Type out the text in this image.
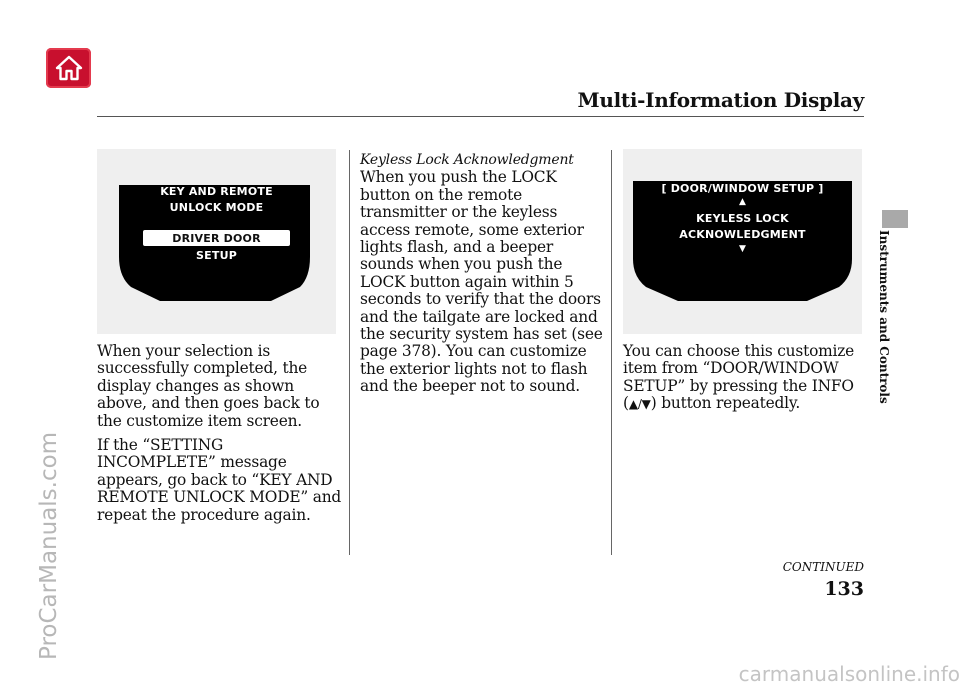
Multi-Information Display
Instruments and Controls
ProCarManuals.com
carmanualsonline.info
KEY AND REMOTE
UNLOCK MODE
DRIVER DOOR
SETUP

When your selection is successfully completed, the display changes as shown above, and then goes back to the customize item screen.

If the “SETTING INCOMPLETE” message appears, go back to “KEY AND REMOTE UNLOCK MODE” and repeat the procedure again.

Keyless Lock Acknowledgment
When you push the LOCK button on the remote transmitter or the keyless access remote, some exterior lights flash, and a beeper sounds when you push the LOCK button again within 5 seconds to verify that the doors and the tailgate are locked and the security system has set (see page 378). You can customize the exterior lights not to flash and the beeper not to sound.
[ DOOR/WINDOW SETUP ]
▲
KEYLESS LOCK
ACKNOWLEDGMENT
▼
You can choose this customize item from “DOOR/WINDOW SETUP” by pressing the INFO (▲/▼) button repeatedly.
CONTINUED
133
